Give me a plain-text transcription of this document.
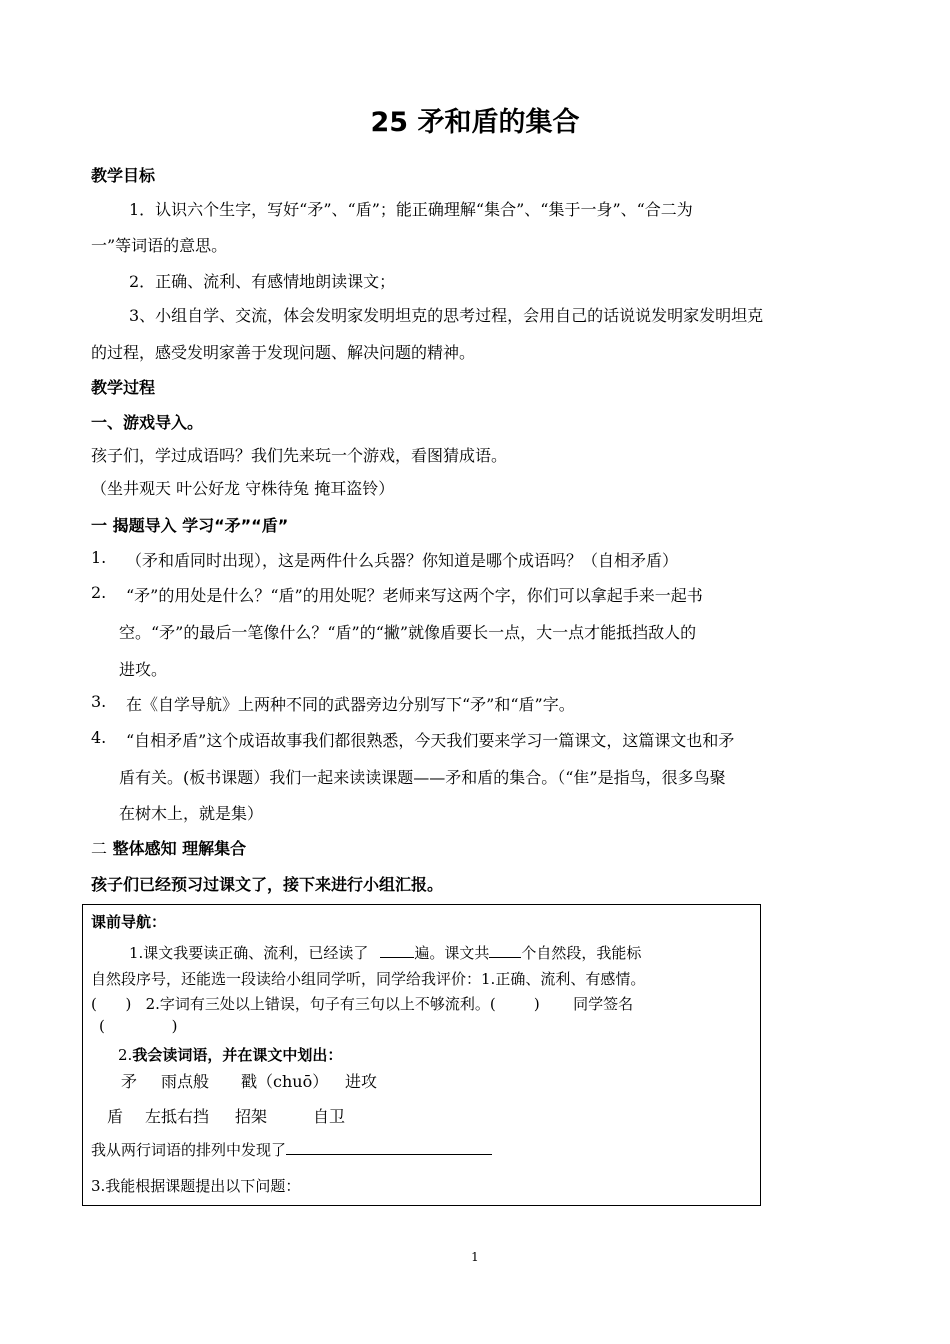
25 矛和盾的集合
教学目标
1．认识六个生字，写好“矛”、“盾”；能正确理解“集合”、“集于一身”、“合二为
一”等词语的意思。
2．正确、流利、有感情地朗读课文；
3、小组自学、交流，体会发明家发明坦克的思考过程，会用自己的话说说发明家发明坦克
的过程，感受发明家善于发现问题、解决问题的精神。
教学过程
一、游戏导入。
孩子们，学过成语吗？我们先来玩一个游戏，看图猜成语。
（坐井观天 叶公好龙 守株待兔 掩耳盗铃）
一 揭题导入 学习“矛”“盾”
1. （矛和盾同时出现），这是两件什么兵器？你知道是哪个成语吗？（自相矛盾）
2. “矛”的用处是什么？“盾”的用处呢？老师来写这两个字，你们可以拿起手来一起书
空。“矛”的最后一笔像什么？“盾”的“撇”就像盾要长一点，大一点才能抵挡敌人的
进攻。
3. 在《自学导航》上两种不同的武器旁边分别写下“矛”和“盾”字。
4. “自相矛盾”这个成语故事我们都很熟悉，今天我们要来学习一篇课文，这篇课文也和矛
盾有关。(板书课题）我们一起来读读课题——矛和盾的集合。（“隹”是指鸟，很多鸟聚
在树木上，就是集）
二 整体感知 理解集合
孩子们已经预习过课文了，接下来进行小组汇报。
课前导航：
1.课文我要读正确、流利，已经读了	遍。课文共 个自然段，我能标
自然段序号，还能选一段读给小组同学听，同学给我评价：1.正确、流利、有感情。
(      )   2.字词有三处以上错误，句子有三句以上不够流利。(        )       同学签名
(              )
2.我会读词语，并在课文中划出：
矛 雨点般 戳（chuō） 进攻
盾 左抵右挡 招架	自卫
我从两行词语的排列中发现了
3.我能根据课题提出以下问题：
1
